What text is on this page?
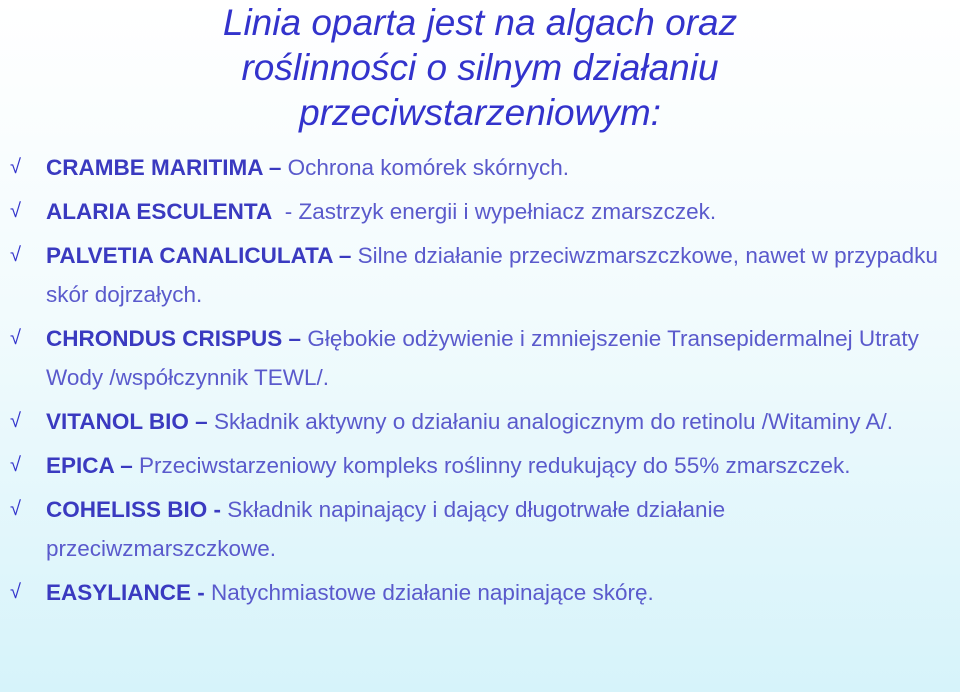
Linia oparta jest na algach oraz
roślinności o silnym działaniu
przeciwstarzeniowym:
√	CRAMBE MARITIMA – Ochrona komórek skórnych.
√	ALARIA ESCULENTA  - Zastrzyk energii i wypełniacz zmarszczek.
√	PALVETIA CANALICULATA – Silne działanie przeciwzmarszczkowe, nawet w przypadku skór dojrzałych.
√	CHRONDUS CRISPUS – Głębokie odżywienie i zmniejszenie Transepidermalnej Utraty Wody /współczynnik TEWL/.
√	VITANOL BIO – Składnik aktywny o działaniu analogicznym do retinolu /Witaminy A/.
√	EPICA – Przeciwstarzeniowy kompleks roślinny redukujący do 55% zmarszczek.
√	COHELISS BIO - Składnik napinający i dający długotrwałe działanie przeciwzmarszczkowe.
√	EASYLIANCE - Natychmiastowe działanie napinające skórę.
